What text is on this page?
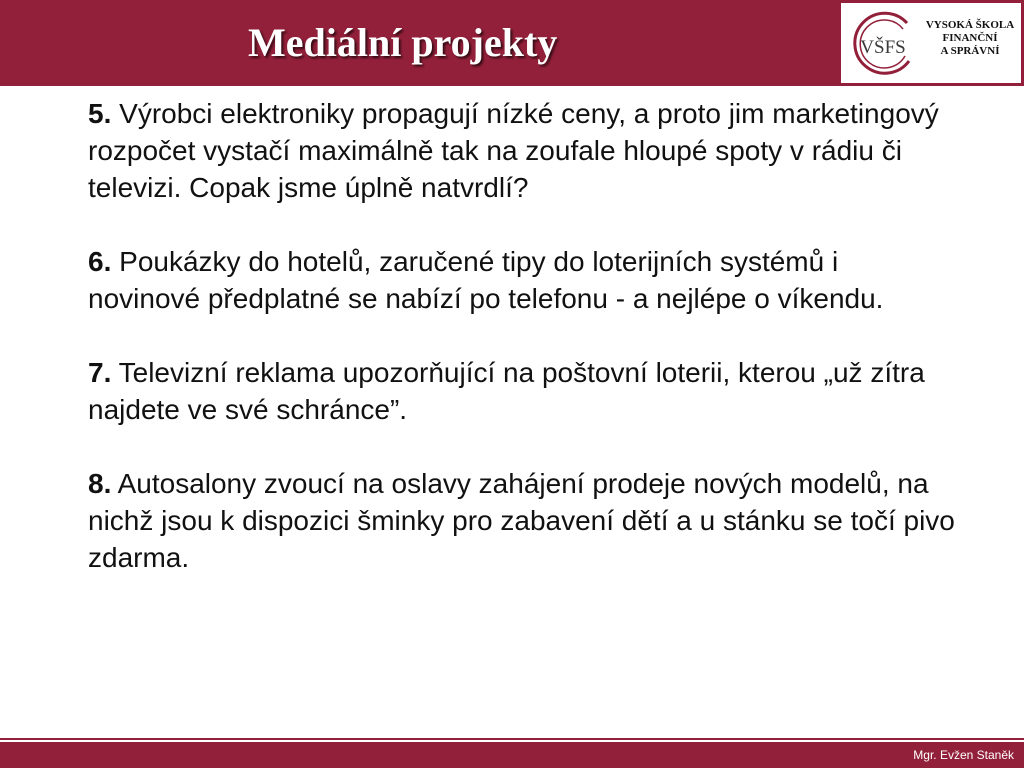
Mediální projekty	VŠFS
VYSOKÁ ŠKOLA
FINANČNÍ
A SPRÁVNÍ

5. Výrobci elektroniky propagují nízké ceny, a proto jim marketingový rozpočet vystačí maximálně tak na zoufale hloupé spoty v rádiu či televizi. Copak jsme úplně natvrdlí?

6. Poukázky do hotelů, zaručené tipy do loterijních systémů i novinové předplatné se nabízí po telefonu - a nejlépe o víkendu.

7. Televizní reklama upozorňující na poštovní loterii, kterou „už zítra najdete ve své schránce”.

8. Autosalony zvoucí na oslavy zahájení prodeje nových modelů, na nichž jsou k dispozici šminky pro zabavení dětí a u stánku se točí pivo zdarma.

Mgr. Evžen Staněk
